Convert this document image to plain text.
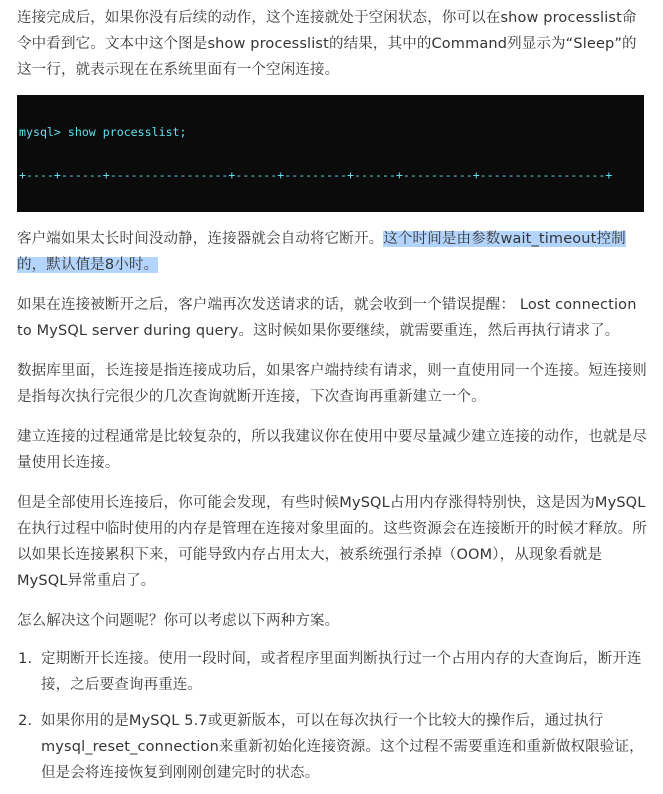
连接完成后，如果你没有后续的动作，这个连接就处于空闲状态，你可以在show processlist命令中看到它。文本中这个图是show processlist的结果，其中的Command列显示为“Sleep”的这一行，就表示现在在系统里面有一个空闲连接。

mysql> show processlist;

+----+------+-----------------+------+---------+------+----------+------------------+

客户端如果太长时间没动静，连接器就会自动将它断开。这个时间是由参数wait_timeout控制的，默认值是8小时。

如果在连接被断开之后，客户端再次发送请求的话，就会收到一个错误提醒： Lost connection to MySQL server during query。这时候如果你要继续，就需要重连，然后再执行请求了。

数据库里面，长连接是指连接成功后，如果客户端持续有请求，则一直使用同一个连接。短连接则是指每次执行完很少的几次查询就断开连接，下次查询再重新建立一个。

建立连接的过程通常是比较复杂的，所以我建议你在使用中要尽量减少建立连接的动作，也就是尽量使用长连接。

但是全部使用长连接后，你可能会发现，有些时候MySQL占用内存涨得特别快，这是因为MySQL在执行过程中临时使用的内存是管理在连接对象里面的。这些资源会在连接断开的时候才释放。所以如果长连接累积下来，可能导致内存占用太大，被系统强行杀掉（OOM），从现象看就是MySQL异常重启了。

怎么解决这个问题呢？你可以考虑以下两种方案。

1. 定期断开长连接。使用一段时间，或者程序里面判断执行过一个占用内存的大查询后，断开连接，之后要查询再重连。
2. 如果你用的是MySQL 5.7或更新版本，可以在每次执行一个比较大的操作后，通过执行 mysql_reset_connection来重新初始化连接资源。这个过程不需要重连和重新做权限验证，但是会将连接恢复到刚刚创建完时的状态。
